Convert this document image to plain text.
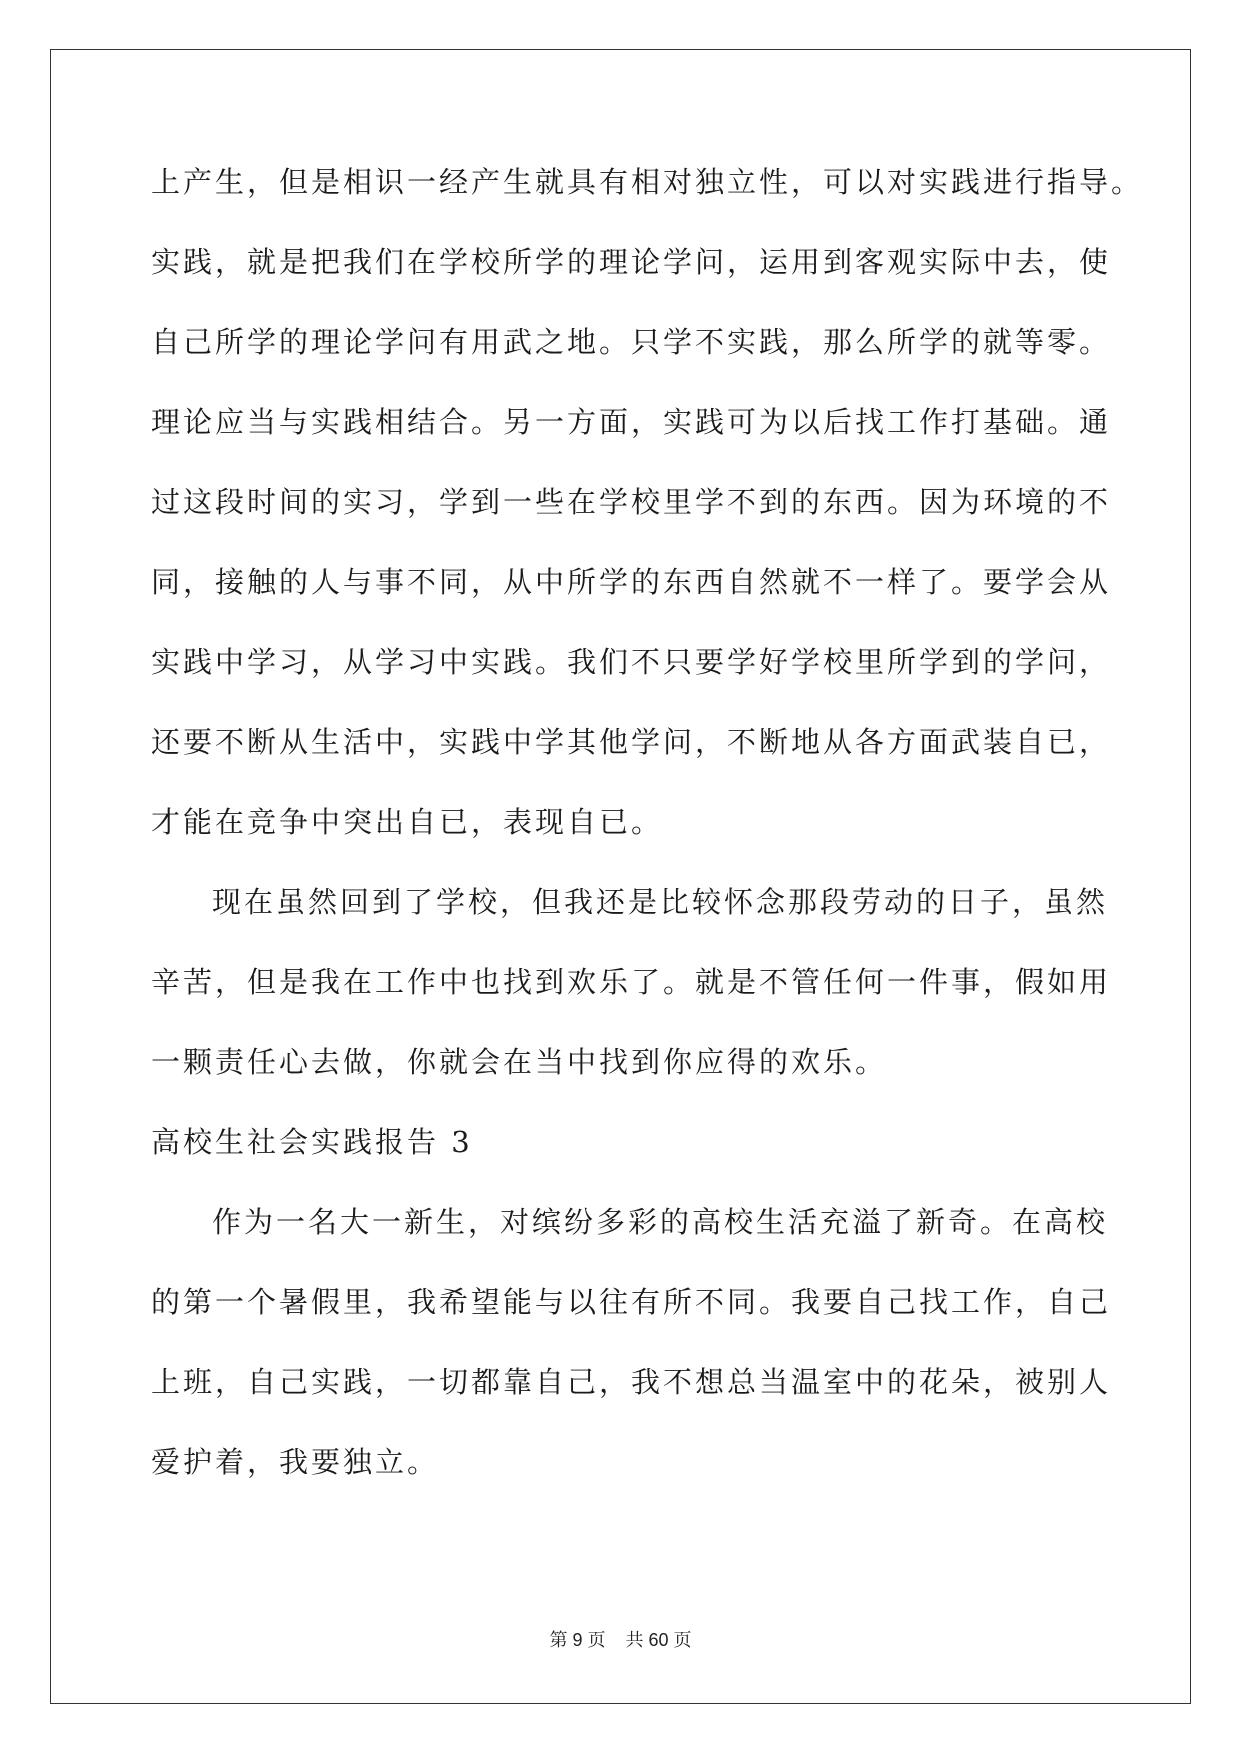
上产生，但是相识一经产生就具有相对独立性，可以对实践进行指导。
实践，就是把我们在学校所学的理论学问，运用到客观实际中去，使
自己所学的理论学问有用武之地。只学不实践，那么所学的就等零。
理论应当与实践相结合。另一方面，实践可为以后找工作打基础。通
过这段时间的实习，学到一些在学校里学不到的东西。因为环境的不
同，接触的人与事不同，从中所学的东西自然就不一样了。要学会从
实践中学习，从学习中实践。我们不只要学好学校里所学到的学问，
还要不断从生活中，实践中学其他学问，不断地从各方面武装自已，
才能在竞争中突出自已，表现自已。
现在虽然回到了学校，但我还是比较怀念那段劳动的日子，虽然
辛苦，但是我在工作中也找到欢乐了。就是不管任何一件事，假如用
一颗责任心去做，你就会在当中找到你应得的欢乐。
高校生社会实践报告 3
作为一名大一新生，对缤纷多彩的高校生活充溢了新奇。在高校
的第一个暑假里，我希望能与以往有所不同。我要自己找工作，自己
上班，自己实践，一切都靠自己，我不想总当温室中的花朵，被别人
爱护着，我要独立。
第 9 页 共 60 页
